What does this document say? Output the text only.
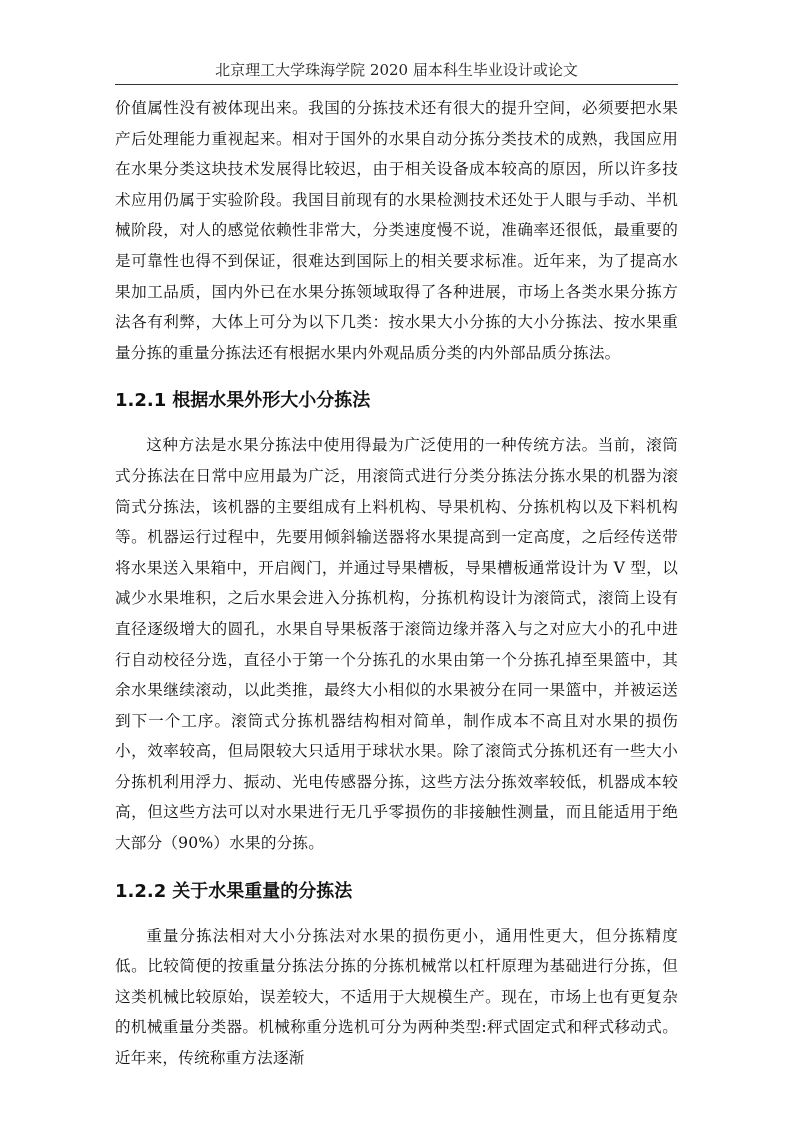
北京理工大学珠海学院 2020 届本科生毕业设计或论文

价值属性没有被体现出来。我国的分拣技术还有很大的提升空间，必须要把水果产后处理能力重视起来。相对于国外的水果自动分拣分类技术的成熟，我国应用在水果分类这块技术发展得比较迟，由于相关设备成本较高的原因，所以许多技术应用仍属于实验阶段。我国目前现有的水果检测技术还处于人眼与手动、半机械阶段，对人的感觉依赖性非常大，分类速度慢不说，准确率还很低，最重要的是可靠性也得不到保证，很难达到国际上的相关要求标准。近年来，为了提高水果加工品质，国内外已在水果分拣领域取得了各种进展，市场上各类水果分拣方法各有利弊，大体上可分为以下几类：按水果大小分拣的大小分拣法、按水果重量分拣的重量分拣法还有根据水果内外观品质分类的内外部品质分拣法。

1.2.1 根据水果外形大小分拣法

这种方法是水果分拣法中使用得最为广泛使用的一种传统方法。当前，滚筒式分拣法在日常中应用最为广泛，用滚筒式进行分类分拣法分拣水果的机器为滚筒式分拣法，该机器的主要组成有上料机构、导果机构、分拣机构以及下料机构等。机器运行过程中，先要用倾斜输送器将水果提高到一定高度，之后经传送带将水果送入果箱中，开启阀门，并通过导果槽板，导果槽板通常设计为 V 型，以减少水果堆积，之后水果会进入分拣机构，分拣机构设计为滚筒式，滚筒上设有直径逐级增大的圆孔，水果自导果板落于滚筒边缘并落入与之对应大小的孔中进行自动校径分选，直径小于第一个分拣孔的水果由第一个分拣孔掉至果篮中，其余水果继续滚动，以此类推，最终大小相似的水果被分在同一果篮中，并被运送到下一个工序。滚筒式分拣机器结构相对简单，制作成本不高且对水果的损伤小，效率较高，但局限较大只适用于球状水果。除了滚筒式分拣机还有一些大小分拣机利用浮力、振动、光电传感器分拣，这些方法分拣效率较低，机器成本较高，但这些方法可以对水果进行无几乎零损伤的非接触性测量，而且能适用于绝大部分（90%）水果的分拣。

1.2.2 关于水果重量的分拣法

重量分拣法相对大小分拣法对水果的损伤更小，通用性更大，但分拣精度低。比较简便的按重量分拣法分拣的分拣机械常以杠杆原理为基础进行分拣，但这类机械比较原始，误差较大，不适用于大规模生产。现在，市场上也有更复杂的机械重量分类器。机械称重分选机可分为两种类型:秤式固定式和秤式移动式。近年来，传统称重方法逐渐
